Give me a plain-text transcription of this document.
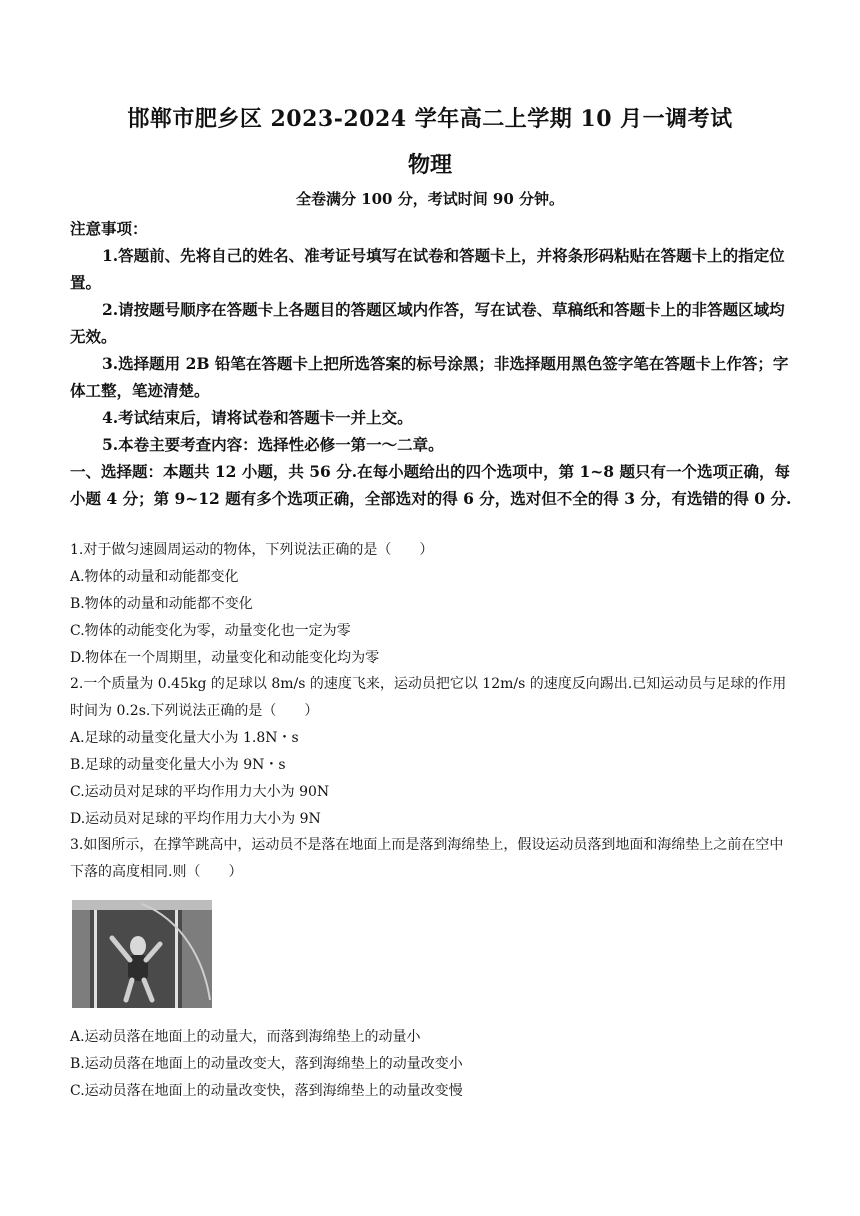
邯郸市肥乡区 2023-2024 学年高二上学期 10 月一调考试
物理
全卷满分 100 分，考试时间 90 分钟。
注意事项：

1.答题前、先将自己的姓名、准考证号填写在试卷和答题卡上，并将条形码粘贴在答题卡上的指定位置。

2.请按题号顺序在答题卡上各题目的答题区域内作答，写在试卷、草稿纸和答题卡上的非答题区域均无效。

3.选择题用 2B 铅笔在答题卡上把所选答案的标号涂黑；非选择题用黑色签字笔在答题卡上作答；字体工整，笔迹清楚。

4.考试结束后，请将试卷和答题卡一并上交。

5.本卷主要考查内容：选择性必修一第一～二章。

一、选择题：本题共 12 小题，共 56 分.在每小题给出的四个选项中，第 1~8 题只有一个选项正确，每小题 4 分；第 9~12 题有多个选项正确，全部选对的得 6 分，选对但不全的得 3 分，有选错的得 0 分.

1.对于做匀速圆周运动的物体，下列说法正确的是（　　）

A.物体的动量和动能都变化

B.物体的动量和动能都不变化

C.物体的动能变化为零，动量变化也一定为零

D.物体在一个周期里，动量变化和动能变化均为零

2.一个质量为 0.45kg 的足球以 8m/s 的速度飞来，运动员把它以 12m/s 的速度反向踢出.已知运动员与足球的作用时间为 0.2s.下列说法正确的是（　　）

A.足球的动量变化量大小为 1.8N・s

B.足球的动量变化量大小为 9N・s

C.运动员对足球的平均作用力大小为 90N

D.运动员对足球的平均作用力大小为 9N

3.如图所示，在撑竿跳高中，运动员不是落在地面上而是落到海绵垫上，假设运动员落到地面和海绵垫上之前在空中下落的高度相同.则（　　）

A.运动员落在地面上的动量大，而落到海绵垫上的动量小

B.运动员落在地面上的动量改变大，落到海绵垫上的动量改变小

C.运动员落在地面上的动量改变快，落到海绵垫上的动量改变慢
